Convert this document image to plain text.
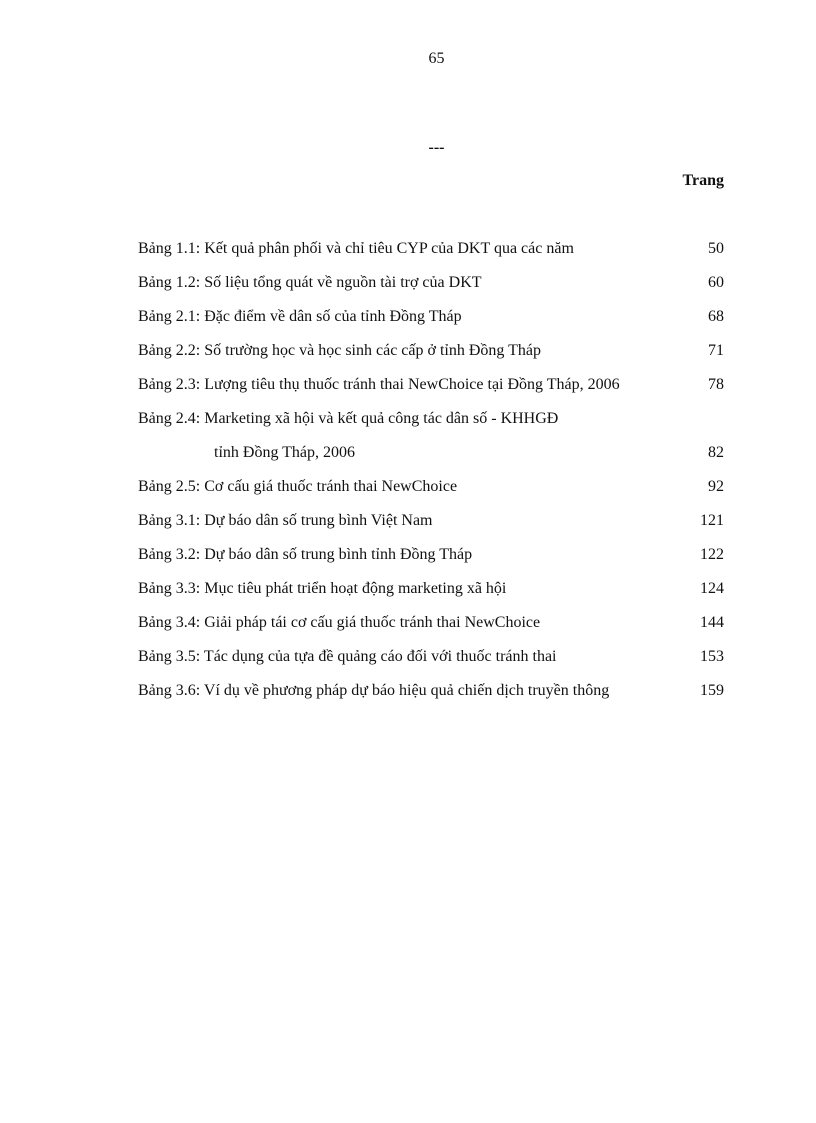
65
---
Trang
Bảng 1.1: Kết quả phân phối và chỉ tiêu CYP của DKT qua các năm	50
Bảng 1.2: Số liệu tổng quát về nguồn tài trợ của DKT	60
Bảng 2.1: Đặc điểm về dân số của tỉnh Đồng Tháp	68
Bảng 2.2: Số trường học và học sinh các cấp ở tỉnh Đồng Tháp	71
Bảng 2.3: Lượng tiêu thụ thuốc tránh thai NewChoice tại Đồng Tháp, 2006	78
Bảng 2.4: Marketing xã hội và kết quả công tác dân số - KHHGĐ
tỉnh Đồng Tháp, 2006	82
Bảng 2.5: Cơ cấu giá thuốc tránh thai NewChoice	92
Bảng 3.1: Dự báo dân số trung bình Việt Nam	121
Bảng 3.2: Dự báo dân số trung bình tỉnh Đồng Tháp	122
Bảng 3.3: Mục tiêu phát triển hoạt động marketing xã hội	124
Bảng 3.4: Giải pháp tái cơ cấu giá thuốc tránh thai NewChoice	144
Bảng 3.5: Tác dụng của tựa đề quảng cáo đối với thuốc tránh thai	153
Bảng 3.6: Ví dụ về phương pháp dự báo hiệu quả chiến dịch truyền thông	159
